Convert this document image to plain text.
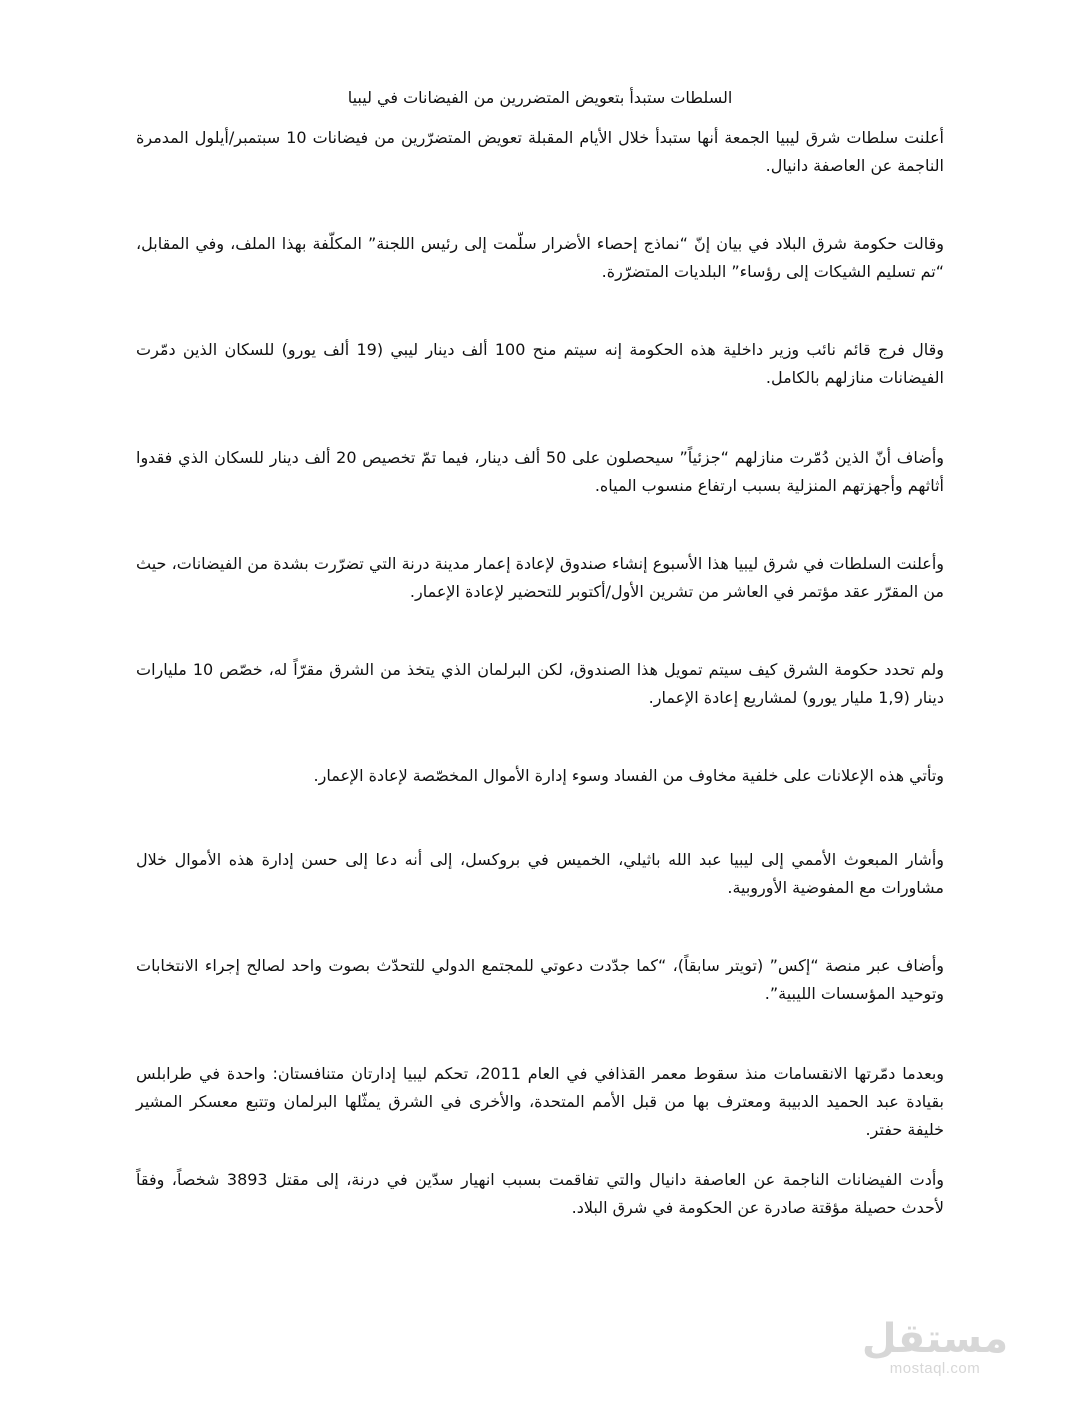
السلطات ستبدأ بتعويض المتضررين من الفيضانات في ليبيا

أعلنت سلطات شرق ليبيا الجمعة أنها ستبدأ خلال الأيام المقبلة تعويض المتضرّرين من فيضانات 10 سبتمبر/أيلول المدمرة الناجمة عن العاصفة دانيال.

وقالت حكومة شرق البلاد في بيان إنّ “نماذج إحصاء الأضرار سلّمت إلى رئيس اللجنة” المكلّفة بهذا الملف، وفي المقابل، “تم تسليم الشيكات إلى رؤساء” البلديات المتضرّرة.

وقال فرج قائم نائب وزير داخلية هذه الحكومة إنه سيتم منح 100 ألف دينار ليبي (19 ألف يورو) للسكان الذين دمّرت الفيضانات منازلهم بالكامل.

وأضاف أنّ الذين دُمّرت منازلهم “جزئياً” سيحصلون على 50 ألف دينار، فيما تمّ تخصيص 20 ألف دينار للسكان الذي فقدوا أثاثهم وأجهزتهم المنزلية بسبب ارتفاع منسوب المياه.

وأعلنت السلطات في شرق ليبيا هذا الأسبوع إنشاء صندوق لإعادة إعمار مدينة درنة التي تضرّرت بشدة من الفيضانات، حيث من المقرّر عقد مؤتمر في العاشر من تشرين الأول/أكتوبر للتحضير لإعادة الإعمار.

ولم تحدد حكومة الشرق كيف سيتم تمويل هذا الصندوق، لكن البرلمان الذي يتخذ من الشرق مقرّاً له، خصّص 10 مليارات دينار (1,9 مليار يورو) لمشاريع إعادة الإعمار.

وتأتي هذه الإعلانات على خلفية مخاوف من الفساد وسوء إدارة الأموال المخصّصة لإعادة الإعمار.

وأشار المبعوث الأممي إلى ليبيا عبد الله باثيلي، الخميس في بروكسل، إلى أنه دعا إلى حسن إدارة هذه الأموال خلال مشاورات مع المفوضية الأوروبية.

وأضاف عبر منصة “إكس” (تويتر سابقاً)، “كما جدّدت دعوتي للمجتمع الدولي للتحدّث بصوت واحد لصالح إجراء الانتخابات وتوحيد المؤسسات الليبية”.

وبعدما دمّرتها الانقسامات منذ سقوط معمر القذافي في العام 2011، تحكم ليبيا إدارتان متنافستان: واحدة في طرابلس بقيادة عبد الحميد الدبيبة ومعترف بها من قبل الأمم المتحدة، والأخرى في الشرق يمثّلها البرلمان وتتبع معسكر المشير خليفة حفتر.

وأدت الفيضانات الناجمة عن العاصفة دانيال والتي تفاقمت بسبب انهيار سدّين في درنة، إلى مقتل 3893 شخصاً، وفقاً لأحدث حصيلة مؤقتة صادرة عن الحكومة في شرق البلاد.

مستقل
mostaql.com
